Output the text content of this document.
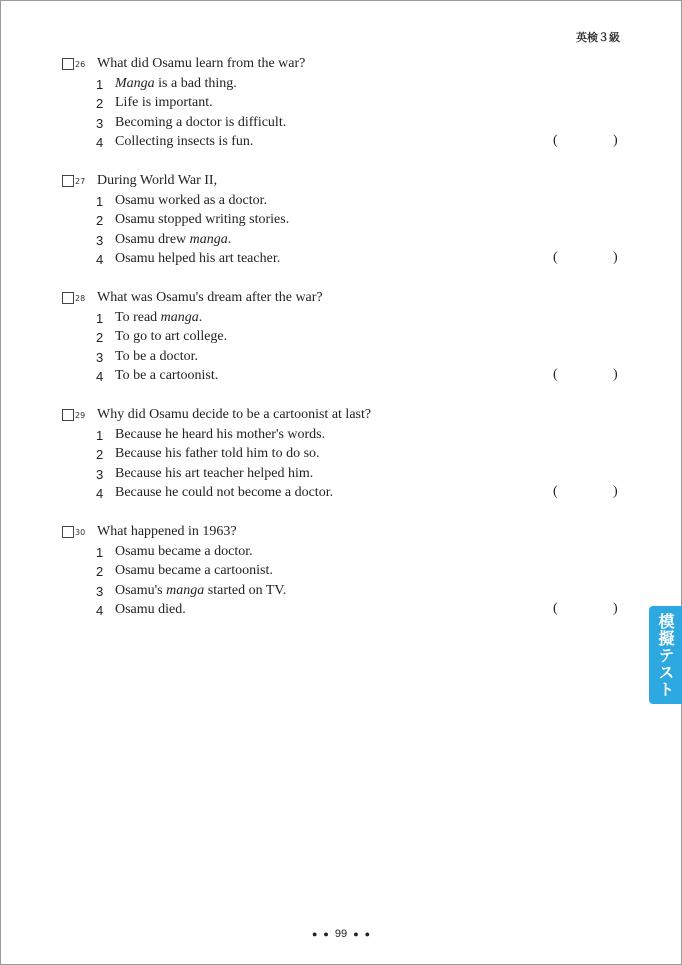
英検３級
26 What did Osamu learn from the war?
1 Manga is a bad thing.
2 Life is important.
3 Becoming a doctor is difficult.
4 Collecting insects is fun.	(	)
27 During World War II,
1 Osamu worked as a doctor.
2 Osamu stopped writing stories.
3 Osamu drew manga.
4 Osamu helped his art teacher.	(	)
28 What was Osamu's dream after the war?
1 To read manga.
2 To go to art college.
3 To be a doctor.
4 To be a cartoonist.	(	)
29 Why did Osamu decide to be a cartoonist at last?
1 Because he heard his mother's words.
2 Because his father told him to do so.
3 Because his art teacher helped him.
4 Because he could not become a doctor.	(	)
30 What happened in 1963?
1 Osamu became a doctor.
2 Osamu became a cartoonist.
3 Osamu's manga started on TV.
4 Osamu died.	(	)
模擬テスト
● ● 99 ● ●
